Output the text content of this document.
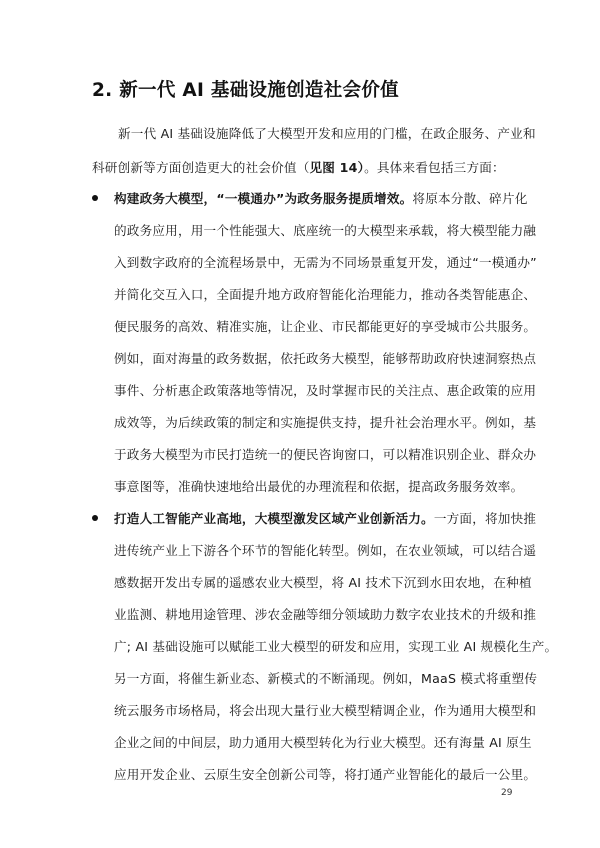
2. 新一代 AI 基础设施创造社会价值
新一代 AI 基础设施降低了大模型开发和应用的门槛，在政企服务、产业和
科研创新等方面创造更大的社会价值（见图 14）。具体来看包括三方面：
构建政务大模型，“一模通办”为政务服务提质增效。将原本分散、碎片化
的政务应用，用一个性能强大、底座统一的大模型来承载，将大模型能力融
入到数字政府的全流程场景中，无需为不同场景重复开发，通过“一模通办”
并简化交互入口，全面提升地方政府智能化治理能力，推动各类智能惠企、
便民服务的高效、精准实施，让企业、市民都能更好的享受城市公共服务。
例如，面对海量的政务数据，依托政务大模型，能够帮助政府快速洞察热点
事件、分析惠企政策落地等情况，及时掌握市民的关注点、惠企政策的应用
成效等，为后续政策的制定和实施提供支持，提升社会治理水平。例如，基
于政务大模型为市民打造统一的便民咨询窗口，可以精准识别企业、群众办
事意图等，准确快速地给出最优的办理流程和依据，提高政务服务效率。
打造人工智能产业高地，大模型激发区域产业创新活力。一方面，将加快推
进传统产业上下游各个环节的智能化转型。例如，在农业领域，可以结合遥
感数据开发出专属的遥感农业大模型，将 AI 技术下沉到水田农地，在种植
业监测、耕地用途管理、涉农金融等细分领域助力数字农业技术的升级和推
广; AI 基础设施可以赋能工业大模型的研发和应用，实现工业 AI 规模化生产。
另一方面，将催生新业态、新模式的不断涌现。例如，MaaS 模式将重塑传
统云服务市场格局，将会出现大量行业大模型精调企业，作为通用大模型和
企业之间的中间层，助力通用大模型转化为行业大模型。还有海量 AI 原生
应用开发企业、云原生安全创新公司等，将打通产业智能化的最后一公里。
29
